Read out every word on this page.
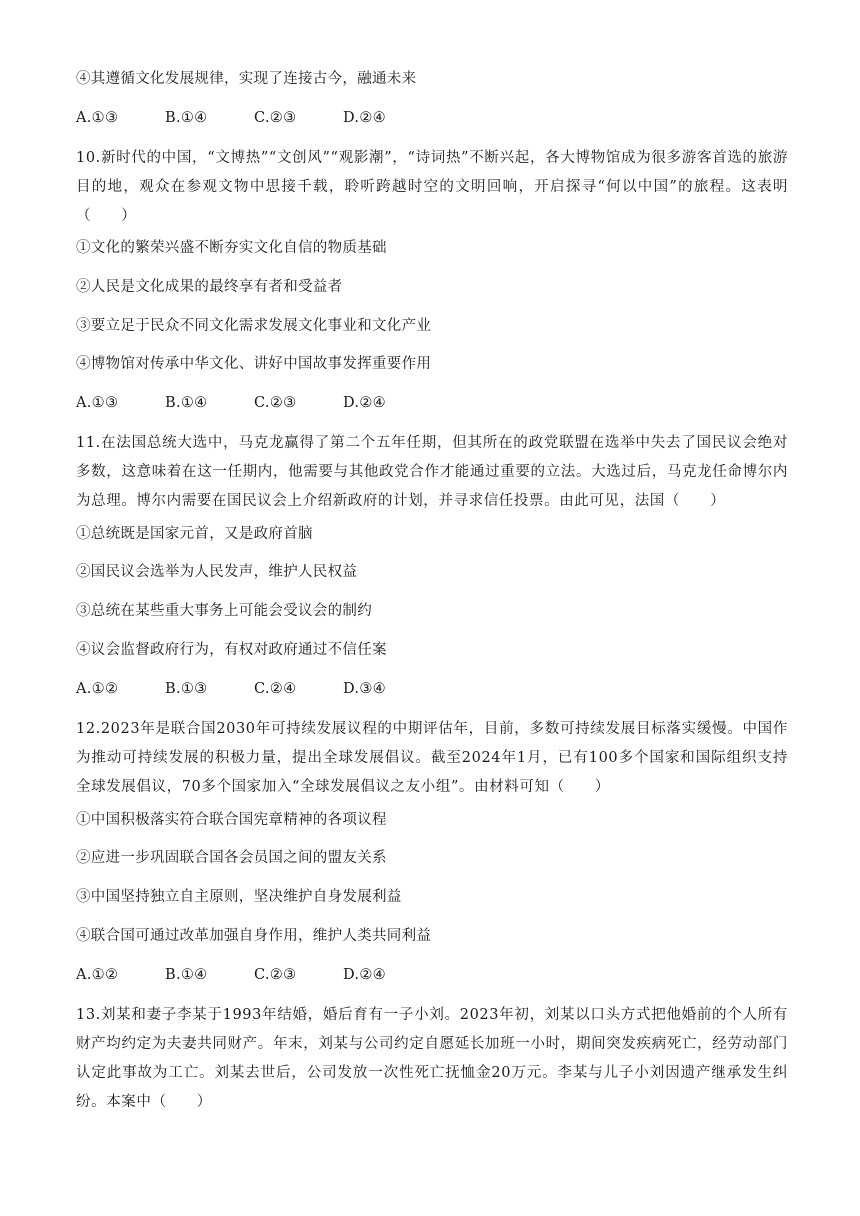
④其遵循文化发展规律，实现了连接古今，融通未来
A.①③	B.①④	C.②③	D.②④
10.新时代的中国，“文博热”“文创风”“观影潮”，“诗词热”不断兴起，各大博物馆成为很多游客首选的旅游目的地，观众在参观文物中思接千载，聆听跨越时空的文明回响，开启探寻“何以中国”的旅程。这表明（　　）
①文化的繁荣兴盛不断夯实文化自信的物质基础
②人民是文化成果的最终享有者和受益者
③要立足于民众不同文化需求发展文化事业和文化产业
④博物馆对传承中华文化、讲好中国故事发挥重要作用
A.①③	B.①④	C.②③	D.②④
11.在法国总统大选中，马克龙赢得了第二个五年任期，但其所在的政党联盟在选举中失去了国民议会绝对多数，这意味着在这一任期内，他需要与其他政党合作才能通过重要的立法。大选过后，马克龙任命博尔内为总理。博尔内需要在国民议会上介绍新政府的计划，并寻求信任投票。由此可见，法国（　　）
①总统既是国家元首，又是政府首脑
②国民议会选举为人民发声，维护人民权益
③总统在某些重大事务上可能会受议会的制约
④议会监督政府行为，有权对政府通过不信任案
A.①②	B.①③	C.②④	D.③④
12.2023年是联合国2030年可持续发展议程的中期评估年，目前，多数可持续发展目标落实缓慢。中国作为推动可持续发展的积极力量，提出全球发展倡议。截至2024年1月，已有100多个国家和国际组织支持全球发展倡议，70多个国家加入“全球发展倡议之友小组”。由材料可知（　　）
①中国积极落实符合联合国宪章精神的各项议程
②应进一步巩固联合国各会员国之间的盟友关系
③中国坚持独立自主原则，坚决维护自身发展利益
④联合国可通过改革加强自身作用，维护人类共同利益
A.①②	B.①④	C.②③	D.②④
13.刘某和妻子李某于1993年结婚，婚后育有一子小刘。2023年初，刘某以口头方式把他婚前的个人所有财产均约定为夫妻共同财产。年末，刘某与公司约定自愿延长加班一小时，期间突发疾病死亡，经劳动部门认定此事故为工亡。刘某去世后，公司发放一次性死亡抚恤金20万元。李某与儿子小刘因遗产继承发生纠纷。本案中（　　）
